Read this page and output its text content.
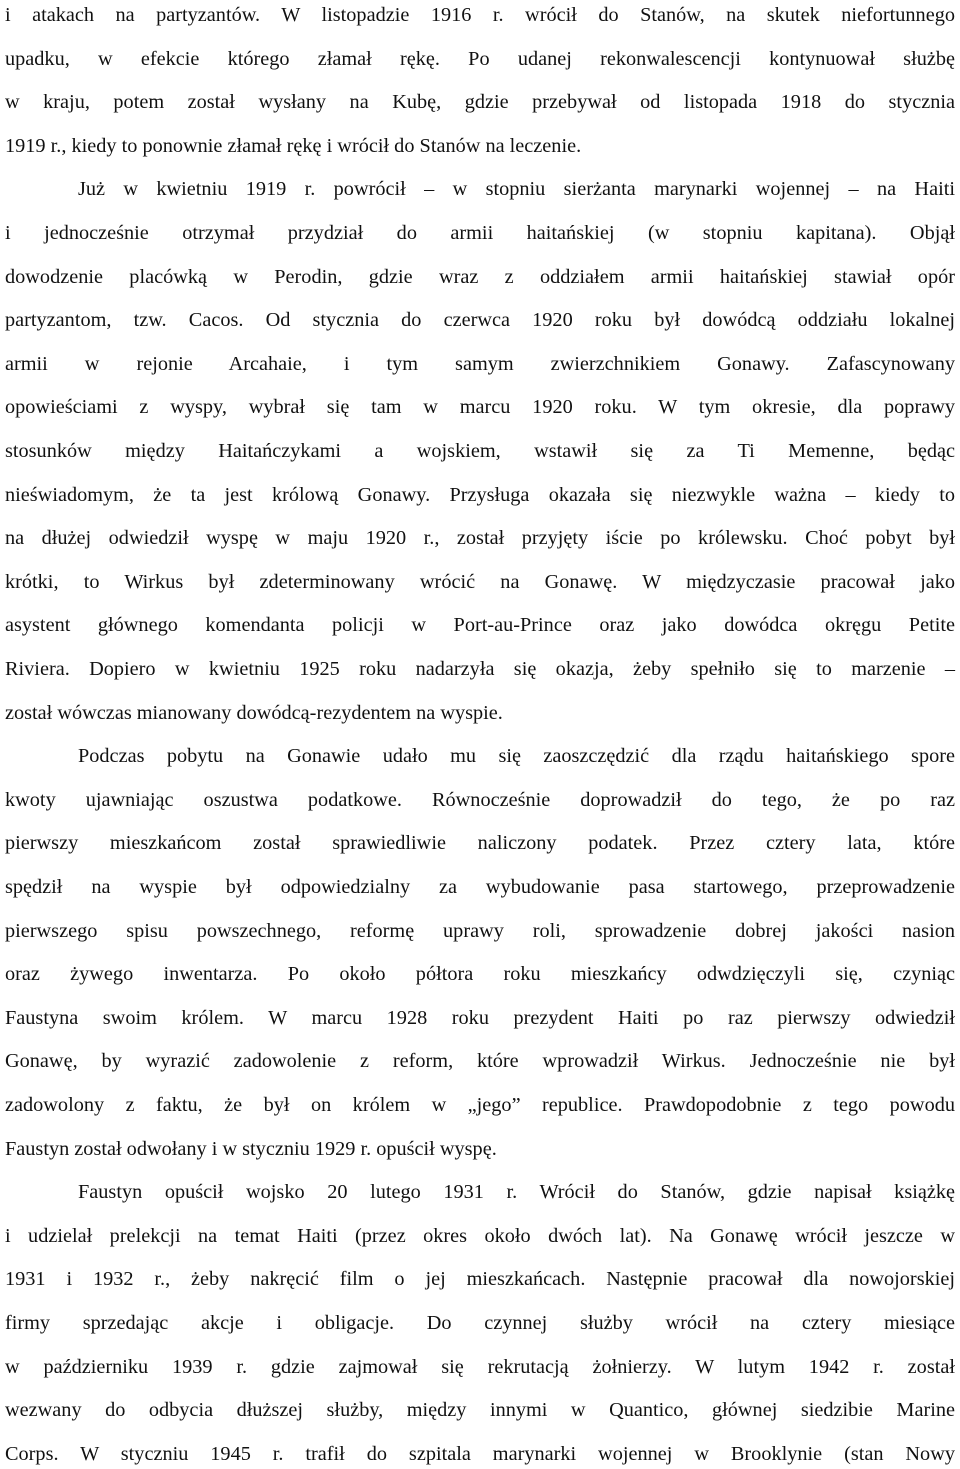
i atakach na partyzantów. W listopadzie 1916 r. wrócił do Stanów, na skutek niefortunnego
upadku, w efekcie którego złamał rękę. Po udanej rekonwalescencji kontynuował służbę
w kraju, potem został wysłany na Kubę, gdzie przebywał od listopada 1918 do stycznia
1919 r., kiedy to ponownie złamał rękę i wrócił do Stanów na leczenie.
Już w kwietniu 1919 r. powrócił – w stopniu sierżanta marynarki wojennej – na Haiti
i jednocześnie otrzymał przydział do armii haitańskiej (w stopniu kapitana). Objął
dowodzenie placówką w Perodin, gdzie wraz z oddziałem armii haitańskiej stawiał opór
partyzantom, tzw. Cacos. Od stycznia do czerwca 1920 roku był dowódcą oddziału lokalnej
armii w rejonie Arcahaie, i tym samym zwierzchnikiem Gonawy. Zafascynowany
opowieściami z wyspy, wybrał się tam w marcu 1920 roku. W tym okresie, dla poprawy
stosunków między Haitańczykami a wojskiem, wstawił się za Ti Memenne, będąc
nieświadomym, że ta jest królową Gonawy. Przysługa okazała się niezwykle ważna – kiedy to
na dłużej odwiedził wyspę w maju 1920 r., został przyjęty iście po królewsku. Choć pobyt był
krótki, to Wirkus był zdeterminowany wrócić na Gonawę. W międzyczasie pracował jako
asystent głównego komendanta policji w Port-au-Prince oraz jako dowódca okręgu Petite
Riviera. Dopiero w kwietniu 1925 roku nadarzyła się okazja, żeby spełniło się to marzenie –
został wówczas mianowany dowódcą-rezydentem na wyspie.
Podczas pobytu na Gonawie udało mu się zaoszczędzić dla rządu haitańskiego spore
kwoty ujawniając oszustwa podatkowe. Równocześnie doprowadził do tego, że po raz
pierwszy mieszkańcom został sprawiedliwie naliczony podatek. Przez cztery lata, które
spędził na wyspie był odpowiedzialny za wybudowanie pasa startowego, przeprowadzenie
pierwszego spisu powszechnego, reformę uprawy roli, sprowadzenie dobrej jakości nasion
oraz żywego inwentarza. Po około półtora roku mieszkańcy odwdzięczyli się, czyniąc
Faustyna swoim królem. W marcu 1928 roku prezydent Haiti po raz pierwszy odwiedził
Gonawę, by wyrazić zadowolenie z reform, które wprowadził Wirkus. Jednocześnie nie był
zadowolony z faktu, że był on królem w „jego” republice. Prawdopodobnie z tego powodu
Faustyn został odwołany i w styczniu 1929 r. opuścił wyspę.
Faustyn opuścił wojsko 20 lutego 1931 r. Wrócił do Stanów, gdzie napisał książkę
i udzielał prelekcji na temat Haiti (przez okres około dwóch lat). Na Gonawę wrócił jeszcze w
1931 i 1932 r., żeby nakręcić film o jej mieszkańcach. Następnie pracował dla nowojorskiej
firmy sprzedając akcje i obligacje. Do czynnej służby wrócił na cztery miesiące
w październiku 1939 r. gdzie zajmował się rekrutacją żołnierzy. W lutym 1942 r. został
wezwany do odbycia dłuższej służby, między innymi w Quantico, głównej siedzibie Marine
Corps. W styczniu 1945 r. trafił do szpitala marynarki wojennej w Brooklynie (stan Nowy
